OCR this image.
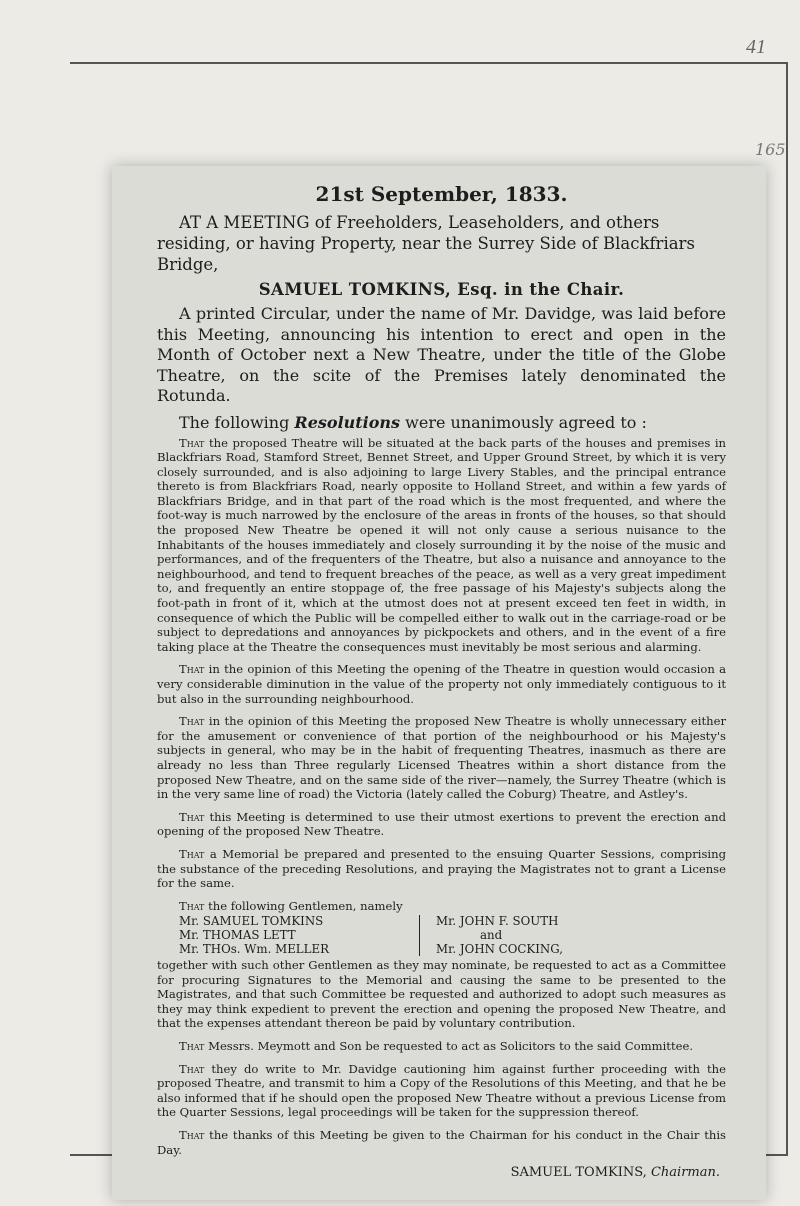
41
165

21st September, 1833.

AT A MEETING of Freeholders, Leaseholders, and others residing, or having Property, near the Surrey Side of Blackfriars Bridge,

SAMUEL TOMKINS, Esq. in the Chair.

A printed Circular, under the name of Mr. Davidge, was laid before this Meeting, announcing his intention to erect and open in the Month of October next a New Theatre, under the title of the Globe Theatre, on the scite of the Premises lately denominated the Rotunda.

The following Resolutions were unanimously agreed to :

That the proposed Theatre will be situated at the back parts of the houses and premises in Blackfriars Road, Stamford Street, Bennet Street, and Upper Ground Street, by which it is very closely surrounded, and is also adjoining to large Livery Stables, and the principal entrance thereto is from Blackfriars Road, nearly opposite to Holland Street, and within a few yards of Blackfriars Bridge, and in that part of the road which is the most frequented, and where the foot-way is much narrowed by the enclosure of the areas in fronts of the houses, so that should the proposed New Theatre be opened it will not only cause a serious nuisance to the Inhabitants of the houses immediately and closely surrounding it by the noise of the music and performances, and of the frequenters of the Theatre, but also a nuisance and annoyance to the neighbourhood, and tend to frequent breaches of the peace, as well as a very great impediment to, and frequently an entire stoppage of, the free passage of his Majesty's subjects along the foot-path in front of it, which at the utmost does not at present exceed ten feet in width, in consequence of which the Public will be compelled either to walk out in the carriage-road or be subject to depredations and annoyances by pickpockets and others, and in the event of a fire taking place at the Theatre the consequences must inevitably be most serious and alarming.

That in the opinion of this Meeting the opening of the Theatre in question would occasion a very considerable diminution in the value of the property not only immediately contiguous to it but also in the surrounding neighbourhood.

That in the opinion of this Meeting the proposed New Theatre is wholly unnecessary either for the amusement or convenience of that portion of the neighbourhood or his Majesty's subjects in general, who may be in the habit of frequenting Theatres, inasmuch as there are already no less than Three regularly Licensed Theatres within a short distance from the proposed New Theatre, and on the same side of the river—namely, the Surrey Theatre (which is in the very same line of road) the Victoria (lately called the Coburg) Theatre, and Astley's.

That this Meeting is determined to use their utmost exertions to prevent the erection and opening of the proposed New Theatre.

That a Memorial be prepared and presented to the ensuing Quarter Sessions, comprising the substance of the preceding Resolutions, and praying the Magistrates not to grant a License for the same.

That the following Gentlemen, namely

Mr. SAMUEL TOMKINS
Mr. THOMAS LETT
Mr. THOs. Wm. MELLER
Mr. JOHN F. SOUTH
and
Mr. JOHN COCKING,

together with such other Gentlemen as they may nominate, be requested to act as a Committee for procuring Signatures to the Memorial and causing the same to be presented to the Magistrates, and that such Committee be requested and authorized to adopt such measures as they may think expedient to prevent the erection and opening the proposed New Theatre, and that the expenses attendant thereon be paid by voluntary contribution.

That Messrs. Meymott and Son be requested to act as Solicitors to the said Committee.

That they do write to Mr. Davidge cautioning him against further proceeding with the proposed Theatre, and transmit to him a Copy of the Resolutions of this Meeting, and that he be also informed that if he should open the proposed New Theatre without a previous License from the Quarter Sessions, legal proceedings will be taken for the suppression thereof.

That the thanks of this Meeting be given to the Chairman for his conduct in the Chair this Day.

SAMUEL TOMKINS, Chairman.
